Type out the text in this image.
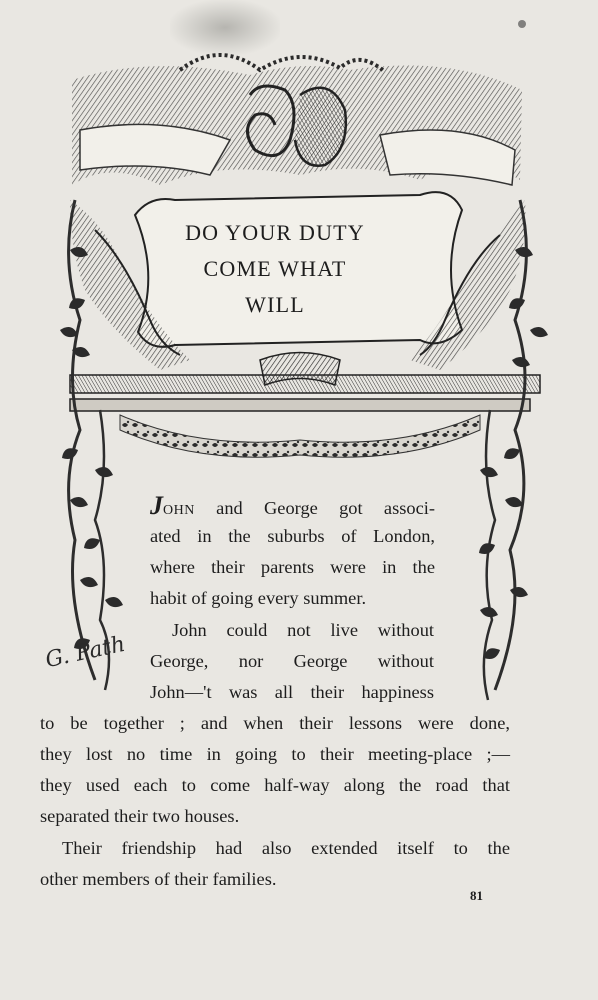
DO YOUR DUTY
COME WHAT
WILL
G. Path
JOHN and George got associ-
ated in the suburbs of London,
where their parents were in the
habit of going every summer.
John could not live without
George, nor George without
John—'t was all their happiness
to be together ; and when their lessons were done,
they lost no time in going to their meeting-place ;—
they used each to come half-way along the road that
separated their two houses.
Their friendship had also extended itself to the
other members of their families.
81
